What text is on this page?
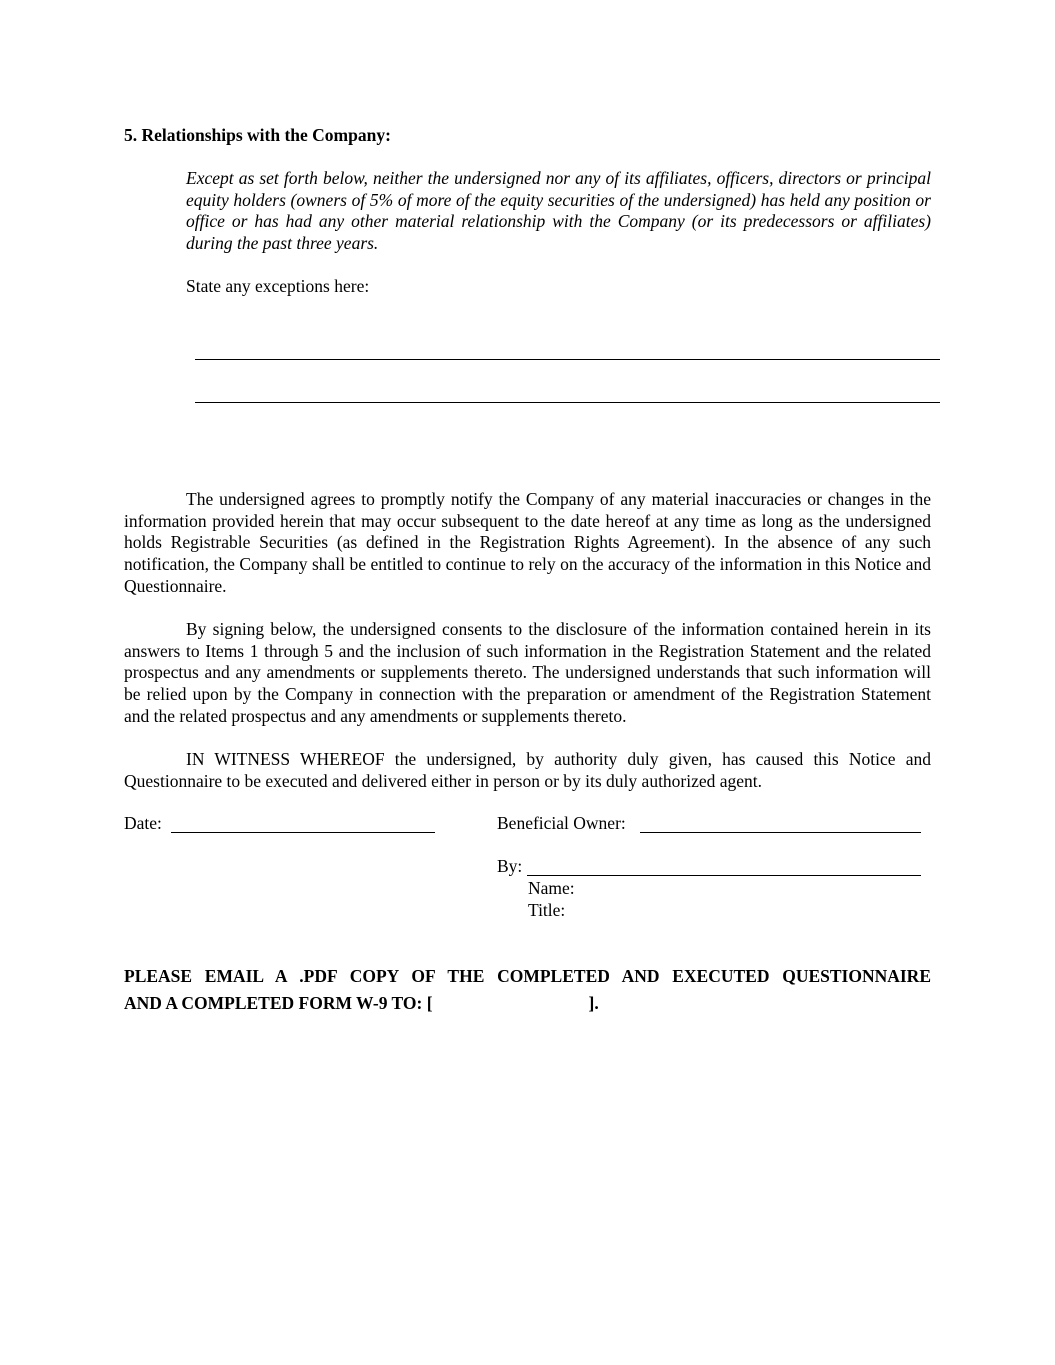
5. Relationships with the Company:
Except as set forth below, neither the undersigned nor any of its affiliates, officers, directors or principal equity holders (owners of 5% of more of the equity securities of the undersigned) has held any position or office or has had any other material relationship with the Company (or its predecessors or affiliates) during the past three years.
State any exceptions here:
The undersigned agrees to promptly notify the Company of any material inaccuracies or changes in the information provided herein that may occur subsequent to the date hereof at any time as long as the undersigned holds Registrable Securities (as defined in the Registration Rights Agreement). In the absence of any such notification, the Company shall be entitled to continue to rely on the accuracy of the information in this Notice and Questionnaire.
By signing below, the undersigned consents to the disclosure of the information contained herein in its answers to Items 1 through 5 and the inclusion of such information in the Registration Statement and the related prospectus and any amendments or supplements thereto. The undersigned understands that such information will be relied upon by the Company in connection with the preparation or amendment of the Registration Statement and the related prospectus and any amendments or supplements thereto.
IN WITNESS WHEREOF the undersigned, by authority duly given, has caused this Notice and Questionnaire to be executed and delivered either in person or by its duly authorized agent.
Date:	Beneficial Owner:
By:
Name:
Title:
PLEASE EMAIL A .PDF COPY OF THE COMPLETED AND EXECUTED QUESTIONNAIRE
AND A COMPLETED FORM W-9 TO: [	].
